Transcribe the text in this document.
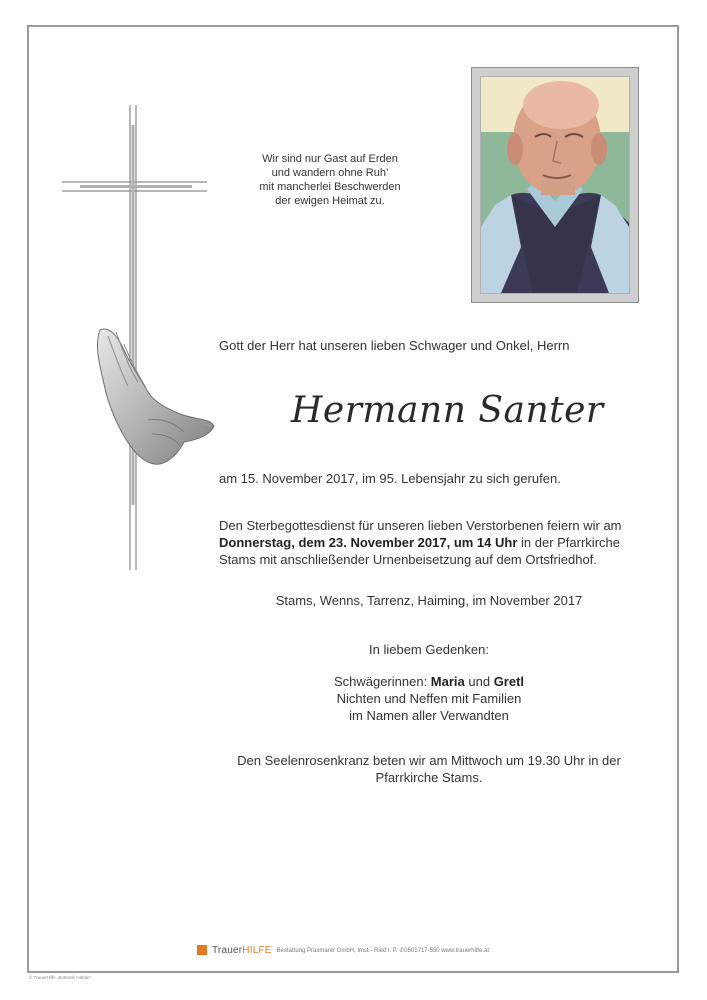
Wir sind nur Gast auf Erden
und wandern ohne Ruh’
mit mancherlei Beschwerden
der ewigen Heimat zu.
Gott der Herr hat unseren lieben Schwager und Onkel, Herrn
Hermann Santer
am 15. November 2017, im 95. Lebensjahr zu sich gerufen.
Den Sterbegottesdienst für unseren lieben Verstorbenen feiern wir am
Donnerstag, dem 23. November 2017, um 14 Uhr in der Pfarrkirche
Stams mit anschließender Urnenbeisetzung auf dem Ortsfriedhof.
Stams, Wenns, Tarrenz, Haiming, im November 2017
In liebem Gedenken:
Schwägerinnen: Maria und Gretl
Nichten und Neffen mit Familien
im Namen aller Verwandten
Den Seelenrosenkranz beten wir am Mittwoch um 19.30 Uhr in der
Pfarrkirche Stams.
TrauerHILFE Bestattung Praxmarer GmbH, Imst - Ried i. P. ✆0501717-550 www.trauerhilfe.at
© TrauerHilfe „Betende Hände“
